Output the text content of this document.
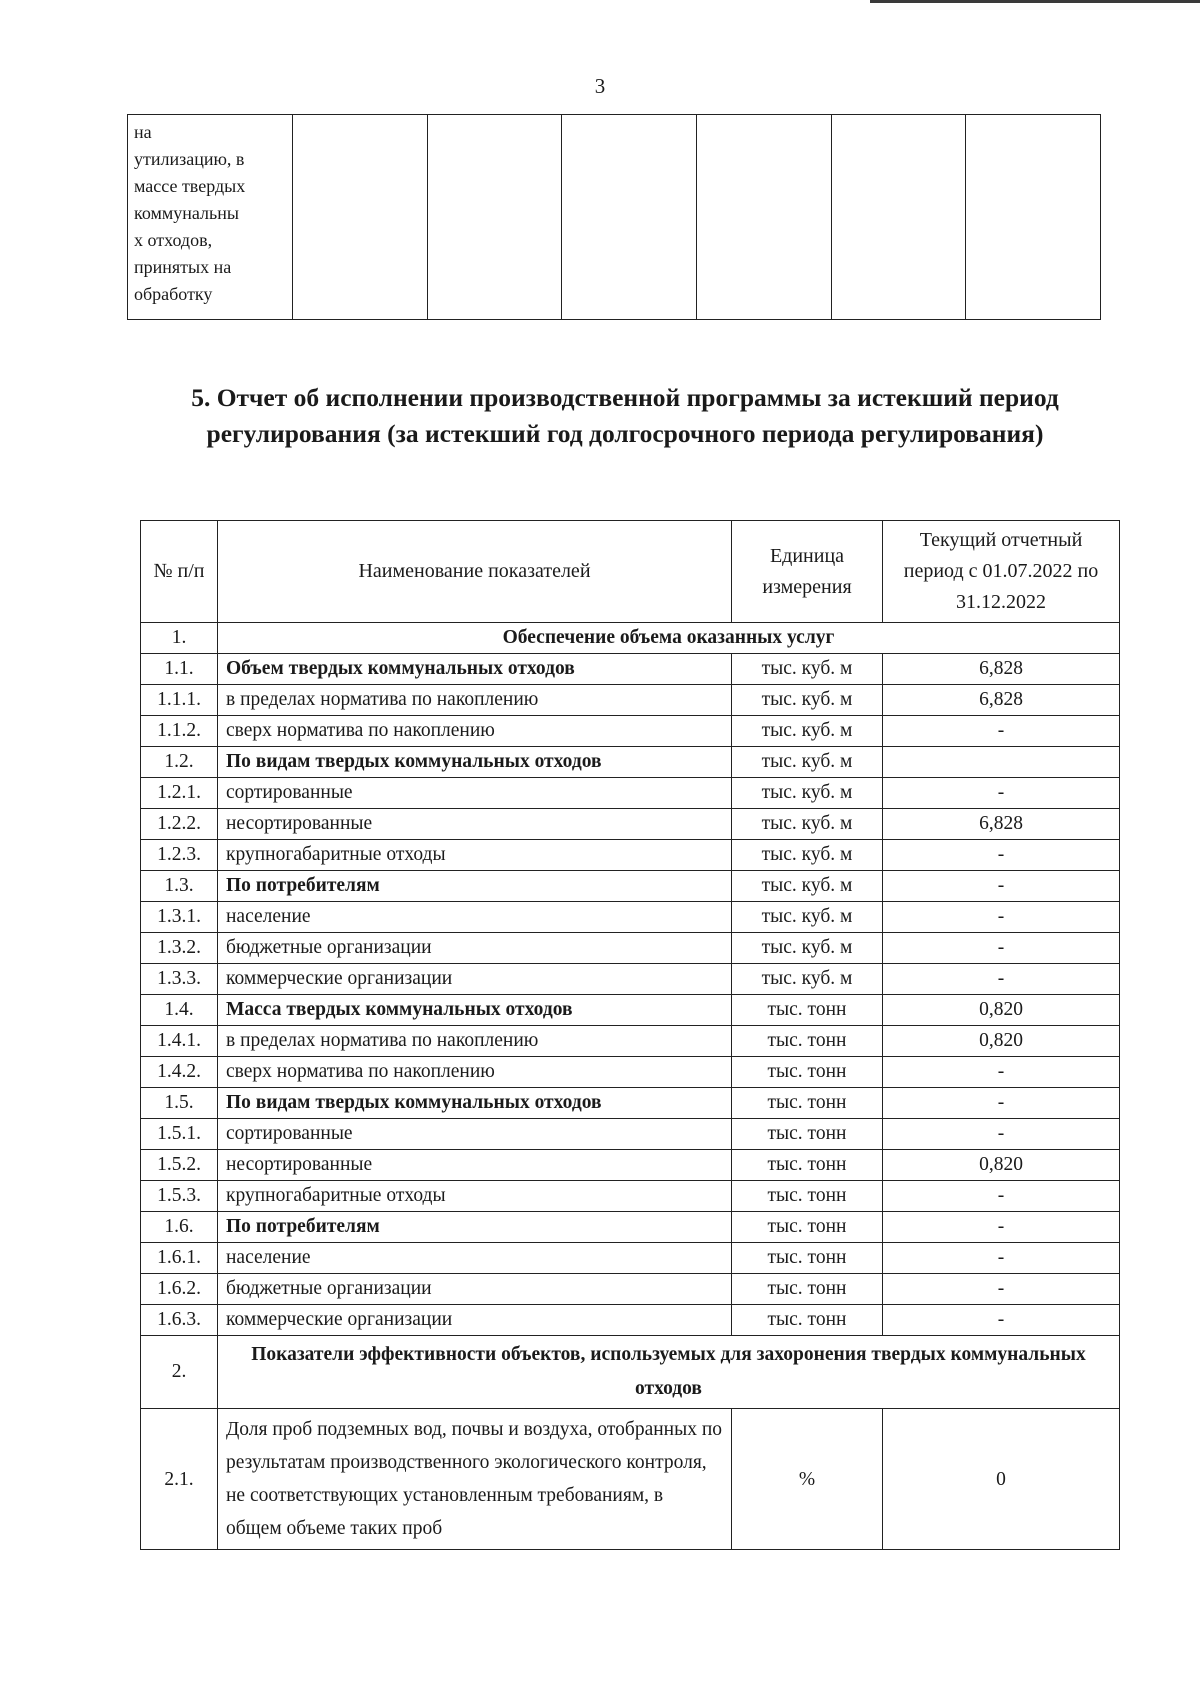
3
на
утилизацию, в
массе твердых
коммунальны
х отходов,
принятых на
обработку						
5. Отчет об исполнении производственной программы за истекший период
регулирования (за истекший год долгосрочного периода регулирования)
№ п/п	Наименование показателей	Единица измерения	Текущий отчетный период с 01.07.2022 по 31.12.2022
1.	Обеспечение объема оказанных услуг		
1.1.	Объем твердых коммунальных отходов	тыс. куб. м	6,828
1.1.1.	в пределах норматива по накоплению	тыс. куб. м	6,828
1.1.2.	сверх норматива по накоплению	тыс. куб. м	-
1.2.	По видам твердых коммунальных отходов	тыс. куб. м	
1.2.1.	сортированные	тыс. куб. м	-
1.2.2.	несортированные	тыс. куб. м	6,828
1.2.3.	крупногабаритные отходы	тыс. куб. м	-
1.3.	По потребителям	тыс. куб. м	-
1.3.1.	население	тыс. куб. м	-
1.3.2.	бюджетные организации	тыс. куб. м	-
1.3.3.	коммерческие организации	тыс. куб. м	-
1.4.	Масса твердых коммунальных отходов	тыс. тонн	0,820
1.4.1.	в пределах норматива по накоплению	тыс. тонн	0,820
1.4.2.	сверх норматива по накоплению	тыс. тонн	-
1.5.	По видам твердых коммунальных отходов	тыс. тонн	-
1.5.1.	сортированные	тыс. тонн	-
1.5.2.	несортированные	тыс. тонн	0,820
1.5.3.	крупногабаритные отходы	тыс. тонн	-
1.6.	По потребителям	тыс. тонн	-
1.6.1.	население	тыс. тонн	-
1.6.2.	бюджетные организации	тыс. тонн	-
1.6.3.	коммерческие организации	тыс. тонн	-
2.	Показатели эффективности объектов, используемых для захоронения твердых коммунальных отходов		
2.1.	Доля проб подземных вод, почвы и воздуха, отобранных по результатам производственного экологического контроля, не соответствующих установленным требованиям, в общем объеме таких проб	%	0
